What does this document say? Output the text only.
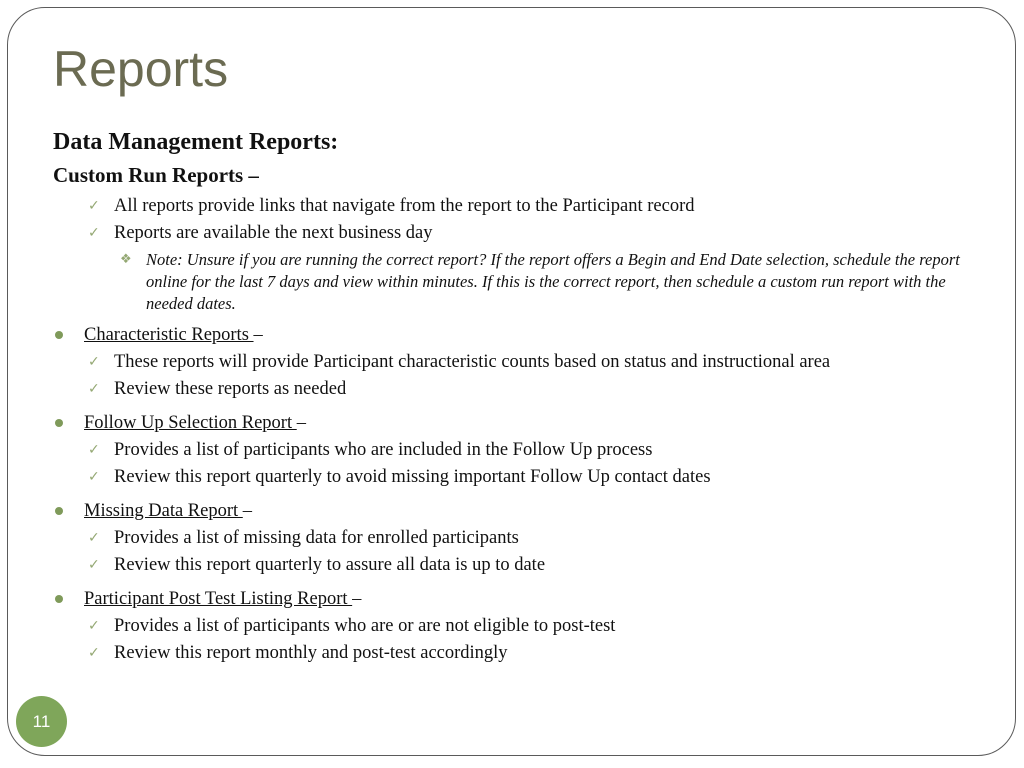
Reports
Data Management Reports:
Custom Run Reports –
✓ All reports provide links that navigate from the report to the Participant record
✓ Reports are available the next business day
❖ Note: Unsure if you are running the correct report? If the report offers a Begin and End Date selection, schedule the report online for the last 7 days and view within minutes. If this is the correct report, then schedule a custom run report with the needed dates.
Characteristic Reports –
✓ These reports will provide Participant characteristic counts based on status and instructional area
✓ Review these reports as needed
Follow Up Selection Report –
✓ Provides a list of participants who are included in the Follow Up process
✓ Review this report quarterly to avoid missing important Follow Up contact dates
Missing Data Report –
✓ Provides a list of missing data for enrolled participants
✓ Review this report quarterly to assure all data is up to date
Participant Post Test Listing Report –
✓ Provides a list of participants who are or are not eligible to post-test
✓ Review this report monthly and post-test accordingly
11
